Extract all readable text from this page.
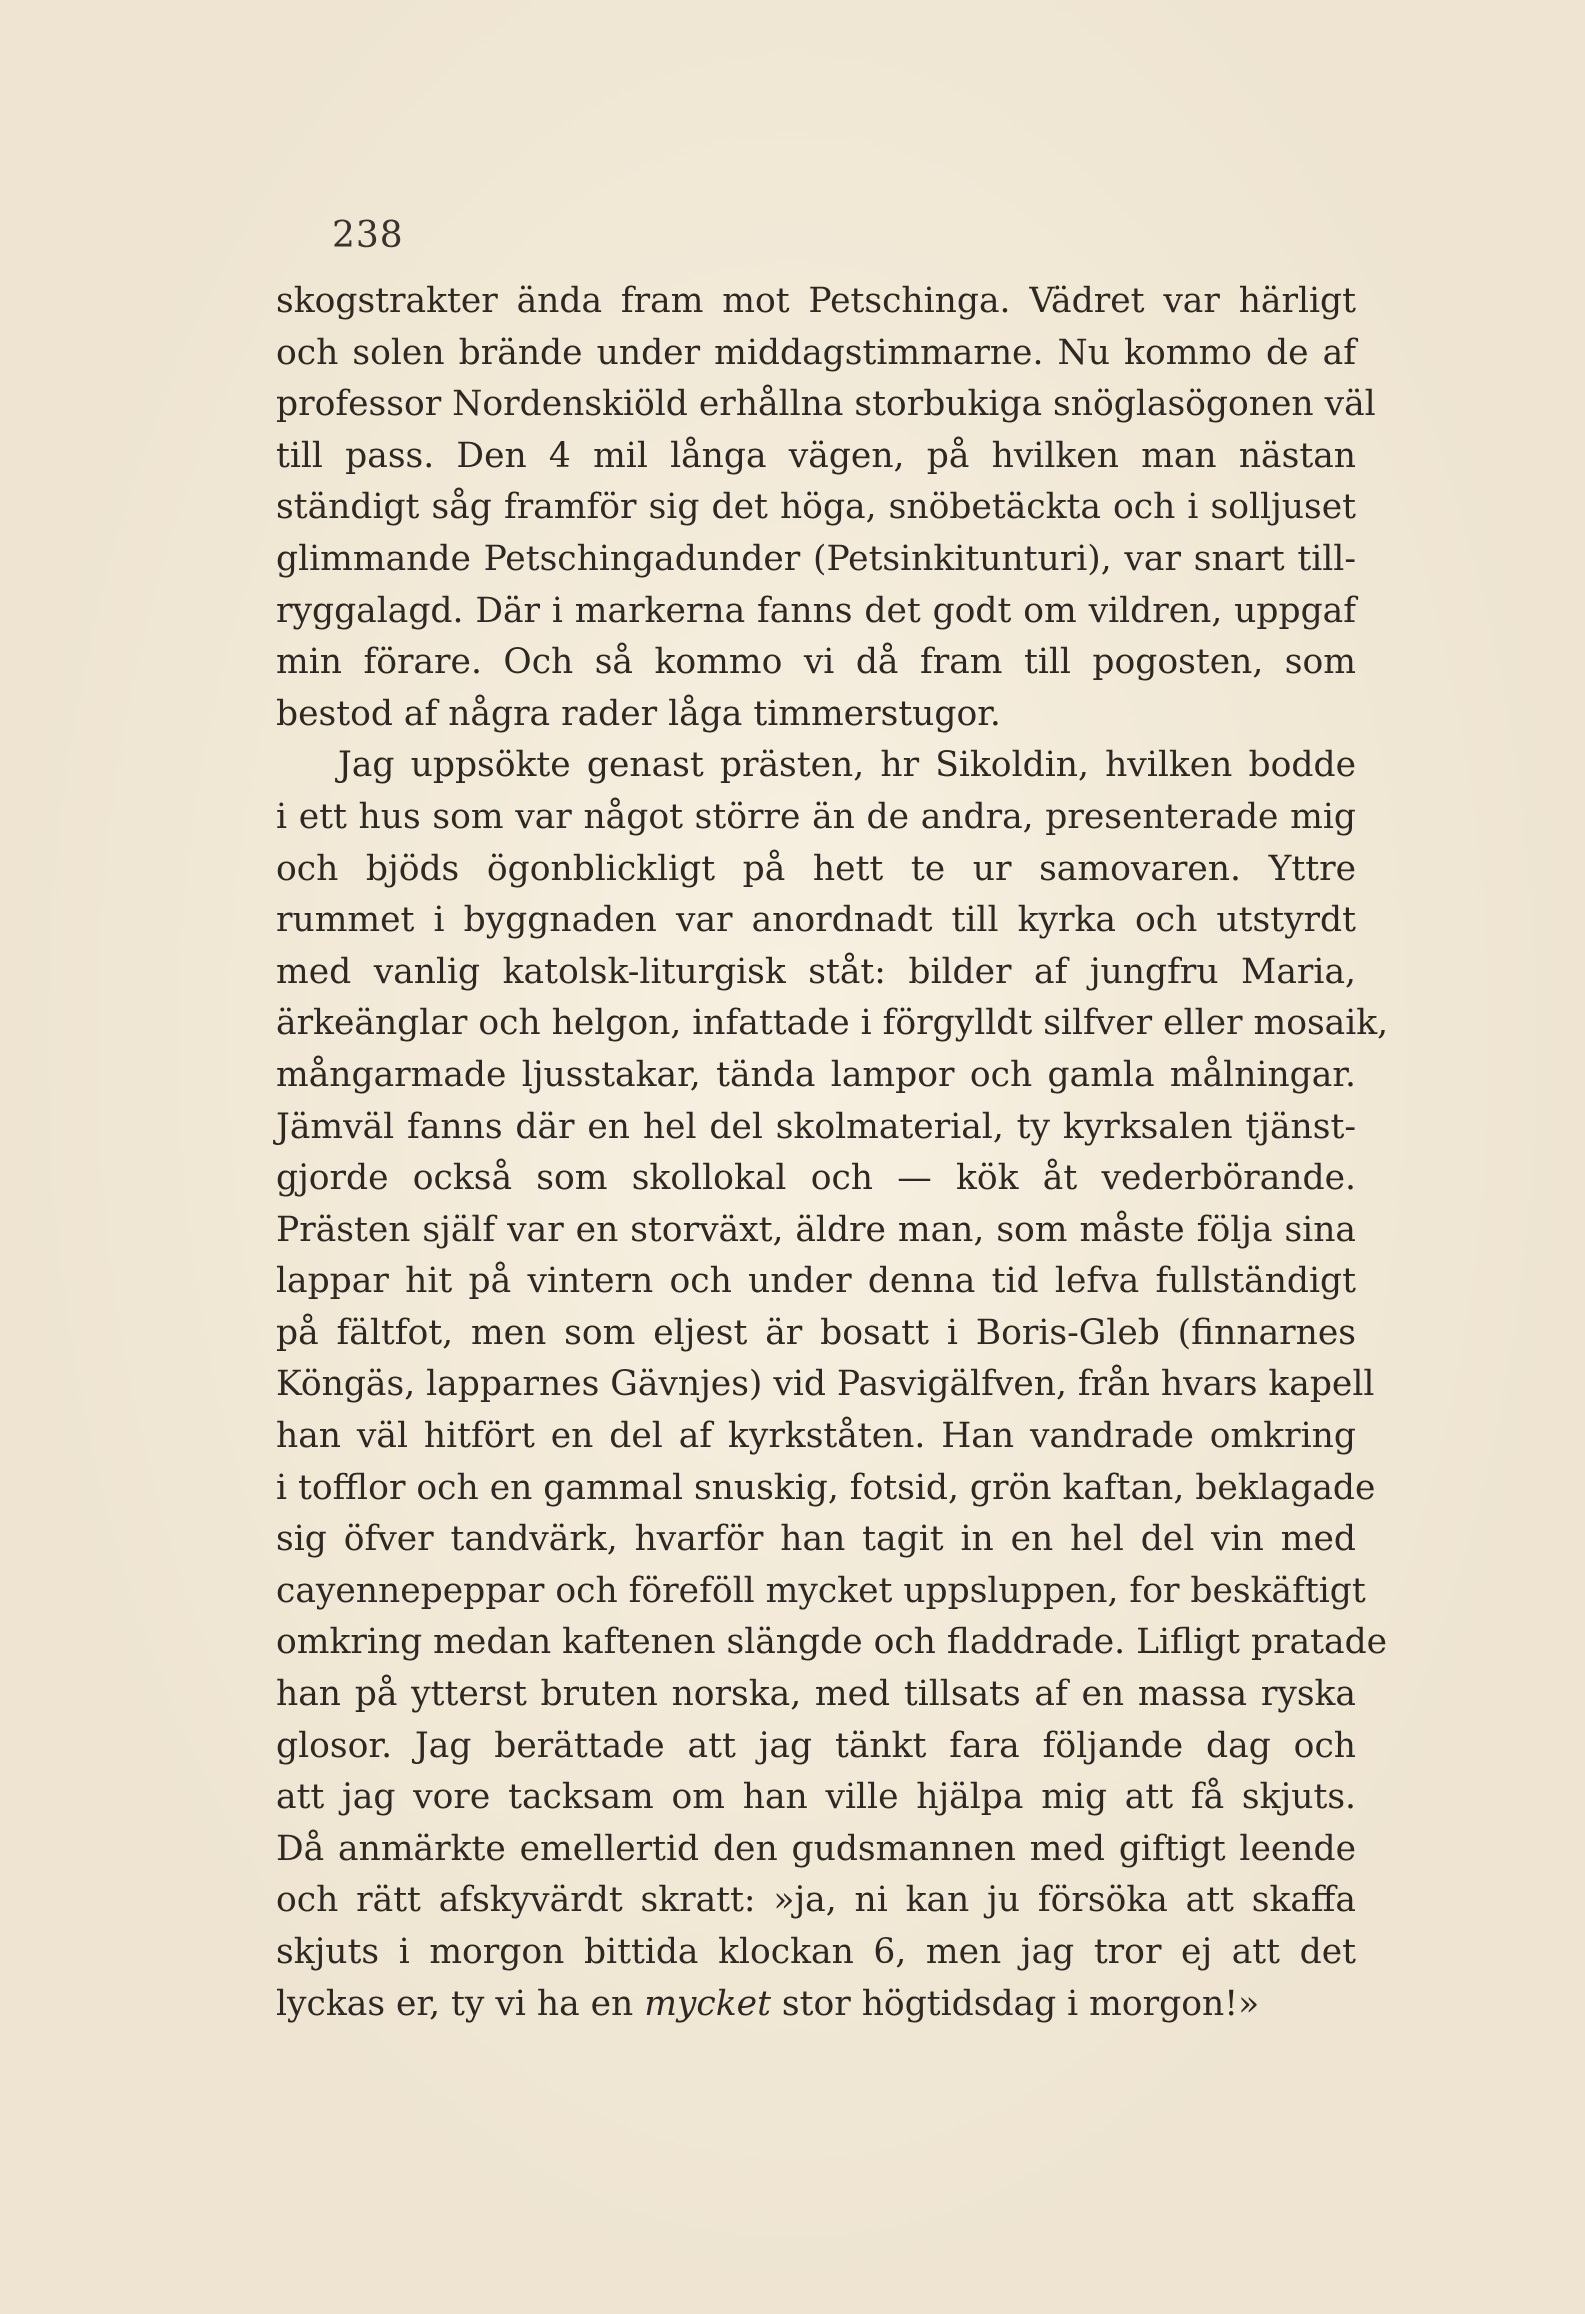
238
skogstrakter ända fram mot Petschinga. Vädret var härligt
och solen brände under middagstimmarne. Nu kommo de af
professor Nordenskiöld erhållna storbukiga snöglasögonen väl
till pass. Den 4 mil långa vägen, på hvilken man nästan
ständigt såg framför sig det höga, snöbetäckta och i solljuset
glimmande Petschingadunder (Petsinkitunturi), var snart till-
ryggalagd. Där i markerna fanns det godt om vildren, uppgaf
min förare. Och så kommo vi då fram till pogosten, som
bestod af några rader låga timmerstugor.
Jag uppsökte genast prästen, hr Sikoldin, hvilken bodde
i ett hus som var något större än de andra, presenterade mig
och bjöds ögonblickligt på hett te ur samovaren. Yttre
rummet i byggnaden var anordnadt till kyrka och utstyrdt
med vanlig katolsk-liturgisk ståt: bilder af jungfru Maria,
ärkeänglar och helgon, infattade i förgylldt silfver eller mosaik,
mångarmade ljusstakar, tända lampor och gamla målningar.
Jämväl fanns där en hel del skolmaterial, ty kyrksalen tjänst-
gjorde också som skollokal och — kök åt vederbörande.
Prästen själf var en storväxt, äldre man, som måste följa sina
lappar hit på vintern och under denna tid lefva fullständigt
på fältfot, men som eljest är bosatt i Boris-Gleb (finnarnes
Köngäs, lapparnes Gävnjes) vid Pasvigälfven, från hvars kapell
han väl hitfört en del af kyrkståten. Han vandrade omkring
i tofflor och en gammal snuskig, fotsid, grön kaftan, beklagade
sig öfver tandvärk, hvarför han tagit in en hel del vin med
cayennepeppar och föreföll mycket uppsluppen, for beskäftigt
omkring medan kaftenen slängde och fladdrade. Lifligt pratade
han på ytterst bruten norska, med tillsats af en massa ryska
glosor. Jag berättade att jag tänkt fara följande dag och
att jag vore tacksam om han ville hjälpa mig att få skjuts.
Då anmärkte emellertid den gudsmannen med giftigt leende
och rätt afskyvärdt skratt: »ja, ni kan ju försöka att skaffa
skjuts i morgon bittida klockan 6, men jag tror ej att det
lyckas er, ty vi ha en mycket stor högtidsdag i morgon!»
